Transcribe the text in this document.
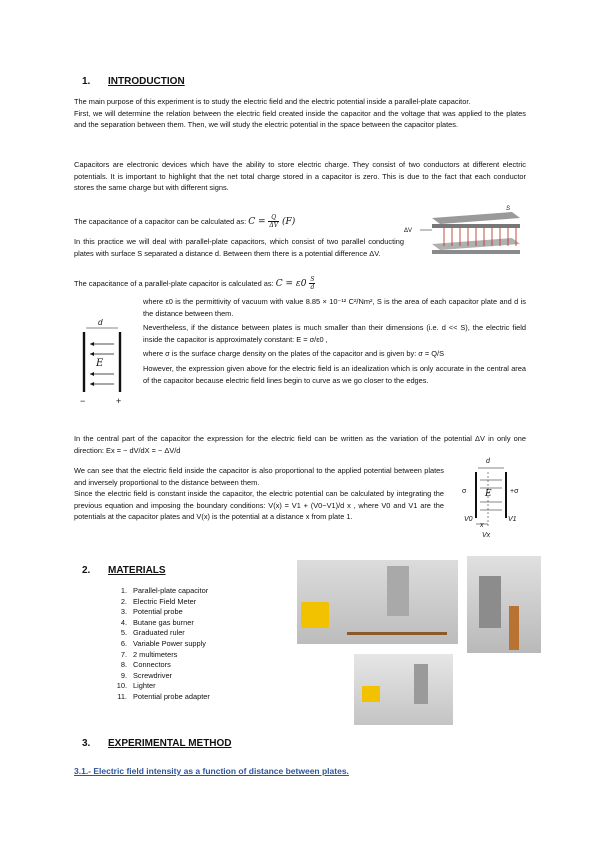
1. INTRODUCTION

The main purpose of this experiment is to study the electric field and the electric potential inside a parallel-plate capacitor.

First, we will determine the relation between the electric field created inside the capacitor and the voltage that was applied to the plates and the separation between them. Then, we will study the electric potential in the space between the capacitor plates.

Capacitors are electronic devices which have the ability to store electric charge. They consist of two conductors at different electric potentials. It is important to highlight that the net total charge stored in a capacitor is zero. This is due to the fact that each conductor stores the same charge but with different signs.

The capacitance of a capacitor can be calculated as: $C = \frac{Q}{\Delta V} (F)$
ΔV
S

In this practice we will deal with parallel-plate capacitors, which consist of two parallel conducting plates with surface S separated a distance d. Between them there is a potential difference ΔV.

The capacitance of a parallel-plate capacitor is calculated as: $C = \varepsilon 0 \frac{S}{d}$
d
E
−	+

where ε0 is the permittivity of vacuum with value 8.85 × 10⁻¹² C²/Nm², S is the area of each capacitor plate and d is the distance between them.

Nevertheless, if the distance between plates is much smaller than their dimensions (i.e. d << S), the electric field inside the capacitor is approximately constant: E = σ/ε0 ,

where σ is the surface charge density on the plates of the capacitor and is given by: σ = Q/S

However, the expression given above for the electric field is an idealization which is only accurate in the central area of the capacitor because electric field lines begin to curve as we go closer to the edges.

In the central part of the capacitor the expression for the electric field can be written as the variation of the potential ΔV in only one direction: Ex = − dV/dX = − ΔV/d

We can see that the electric field inside the capacitor is also proportional to the applied potential between plates and inversely proportional to the distance between them.

Since the electric field is constant inside the capacitor, the electric potential can be calculated by integrating the previous equation and imposing the boundary conditions: V(x) = V1 + (V0−V1)/d x , where V0 and V1 are the potentials at the capacitor plates and V(x) is the potential at a distance x from plate 1.

d
E
σ	+σ
V0	V1
x
Vx
2. MATERIALS
1. Parallel-plate capacitor
2. Electric Field Meter
3. Potential probe
4. Butane gas burner
5. Graduated ruler
6. Variable Power supply
7. 2 multimeters
8. Connectors
9. Screwdriver
10. Lighter
11. Potential probe adapter
3. EXPERIMENTAL METHOD
3.1.- Electric field intensity as a function of distance between plates.
